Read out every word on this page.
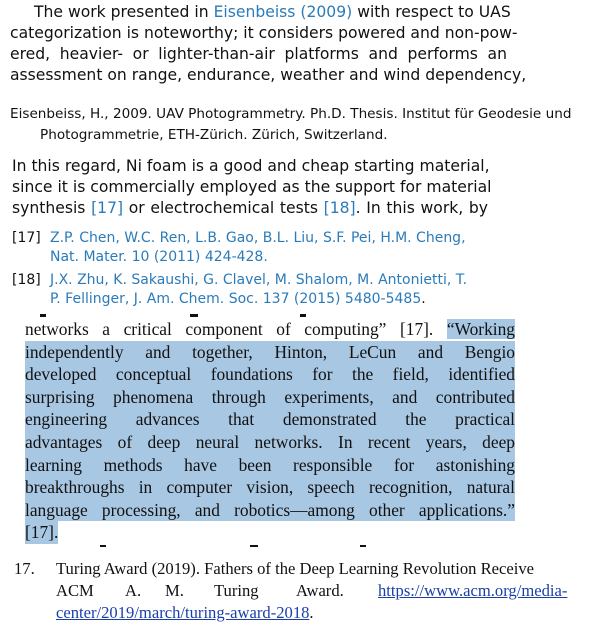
The work presented in Eisenbeiss (2009) with respect to UAS
categorization is noteworthy; it considers powered and non-pow-
ered, heavier- or lighter-than-air platforms and performs an
assessment on range, endurance, weather and wind dependency,
Eisenbeiss, H., 2009. UAV Photogrammetry. Ph.D. Thesis. Institut für Geodesie und
Photogrammetrie, ETH-Zürich. Zürich, Switzerland.
In this regard, Ni foam is a good and cheap starting material,
since it is commercially employed as the support for material
synthesis [17] or electrochemical tests [18]. In this work, by
[17] Z.P. Chen, W.C. Ren, L.B. Gao, B.L. Liu, S.F. Pei, H.M. Cheng,
Nat. Mater. 10 (2011) 424-428.
[18] J.X. Zhu, K. Sakaushi, G. Clavel, M. Shalom, M. Antonietti, T.
P. Fellinger, J. Am. Chem. Soc. 137 (2015) 5480-5485.
networks a critical component of computing” [17]. “Working
independently and together, Hinton, LeCun and Bengio
developed conceptual foundations for the field, identified
surprising phenomena through experiments, and contributed
engineering advances that demonstrated the practical
advantages of deep neural networks. In recent years, deep
learning methods have been responsible for astonishing
breakthroughs in computer vision, speech recognition, natural
language processing, and robotics—among other applications.”
[17].
17. Turing Award (2019). Fathers of the Deep Learning Revolution Receive
ACM A. M. Turing Award. https://www.acm.org/media-
center/2019/march/turing-award-2018.
